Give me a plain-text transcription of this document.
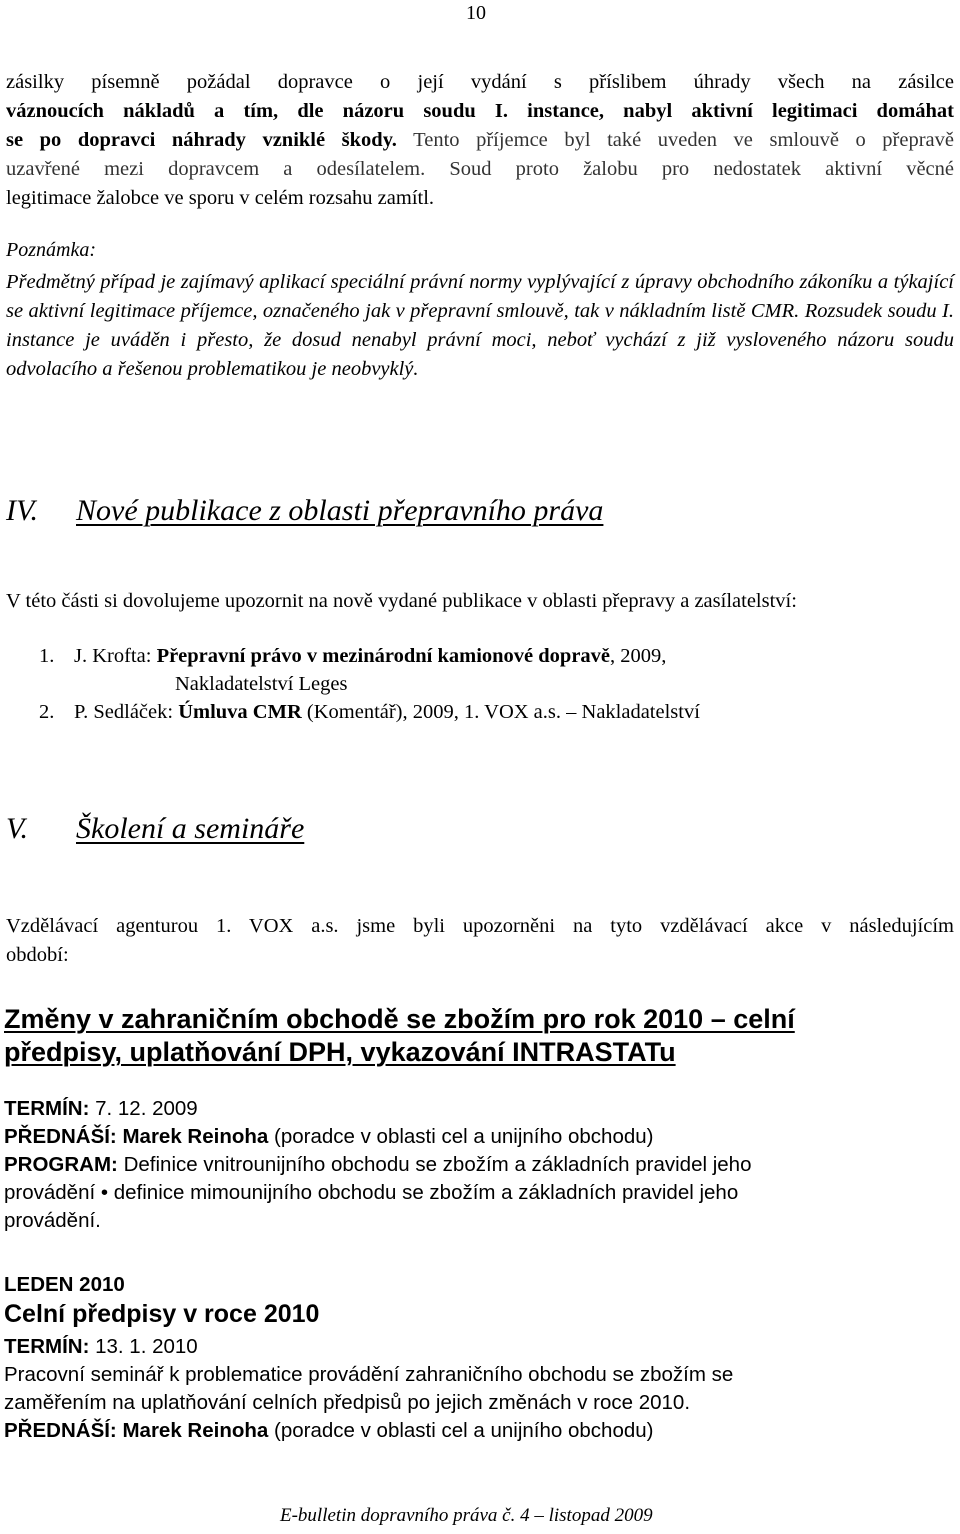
10
zásilky písemně požádal dopravce o její vydání s příslibem úhrady všech na zásilce
váznoucích nákladů a tím, dle názoru soudu I. instance, nabyl aktivní legitimaci domáhat
se po dopravci náhrady vzniklé škody. Tento příjemce byl také uveden ve smlouvě o přepravě
uzavřené mezi dopravcem a odesílatelem. Soud proto žalobu pro nedostatek aktivní věcné
legitimace žalobce ve sporu v celém rozsahu zamítl.
Poznámka:
Předmětný případ je zajímavý aplikací speciální právní normy vyplývající z úpravy obchodního zákoníku a týkající se aktivní legitimace příjemce, označeného jak v přepravní smlouvě, tak v nákladním listě CMR. Rozsudek soudu I. instance je uváděn i přesto, že dosud nenabyl právní moci, neboť vychází z již vysloveného názoru soudu odvolacího a řešenou problematikou je neobvyklý.
IV. Nové publikace z oblasti přepravního práva
V této části si dovolujeme upozornit na nově vydané publikace v oblasti přepravy a zasílatelství:
1. J. Krofta: Přepravní právo v mezinárodní kamionové dopravě, 2009,
Nakladatelství Leges
2. P. Sedláček: Úmluva CMR (Komentář), 2009, 1. VOX a.s. – Nakladatelství
V. Školení a semináře
Vzdělávací agenturou 1. VOX a.s. jsme byli upozorněni na tyto vzdělávací akce v následujícím
období:
Změny v zahraničním obchodě se zbožím pro rok 2010 – celní
předpisy, uplatňování DPH, vykazování INTRASTATu
TERMÍN: 7. 12. 2009
PŘEDNÁŠÍ: Marek Reinoha (poradce v oblasti cel a unijního obchodu)
PROGRAM: Definice vnitrounijního obchodu se zbožím a základních pravidel jeho
provádění • definice mimounijního obchodu se zbožím a základních pravidel jeho
provádění.
LEDEN 2010
Celní předpisy v roce 2010
TERMÍN: 13. 1. 2010
Pracovní seminář k problematice provádění zahraničního obchodu se zbožím se
zaměřením na uplatňování celních předpisů po jejich změnách v roce 2010.
PŘEDNÁŠÍ: Marek Reinoha (poradce v oblasti cel a unijního obchodu)
E-bulletin dopravního práva č. 4 – listopad 2009
